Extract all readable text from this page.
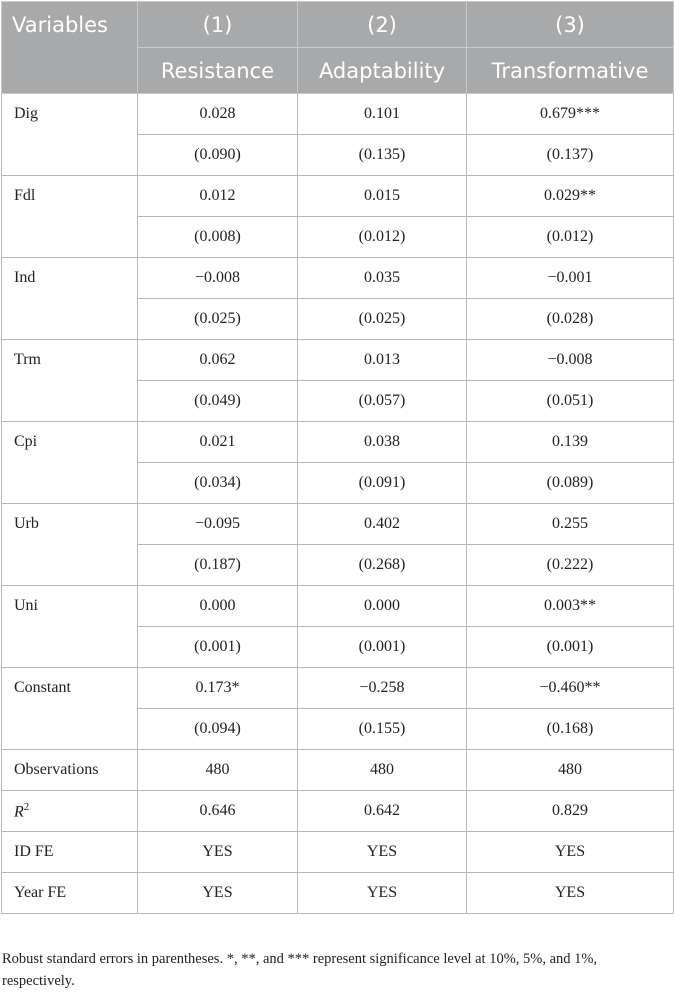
Variables	(1)	(2)	(3)
	Resistance	Adaptability	Transformative
Dig	0.028	0.101	0.679***
	(0.090)	(0.135)	(0.137)
Fdl	0.012	0.015	0.029**
	(0.008)	(0.012)	(0.012)
Ind	−0.008	0.035	−0.001
	(0.025)	(0.025)	(0.028)
Trm	0.062	0.013	−0.008
	(0.049)	(0.057)	(0.051)
Cpi	0.021	0.038	0.139
	(0.034)	(0.091)	(0.089)
Urb	−0.095	0.402	0.255
	(0.187)	(0.268)	(0.222)
Uni	0.000	0.000	0.003**
	(0.001)	(0.001)	(0.001)
Constant	0.173*	−0.258	−0.460**
	(0.094)	(0.155)	(0.168)
Observations	480	480	480
$R^2$	0.646	0.642	0.829
ID FE	YES	YES	YES
Year FE	YES	YES	YES
Robust standard errors in parentheses. *, **, and *** represent significance level at 10%, 5%, and 1%, respectively.
